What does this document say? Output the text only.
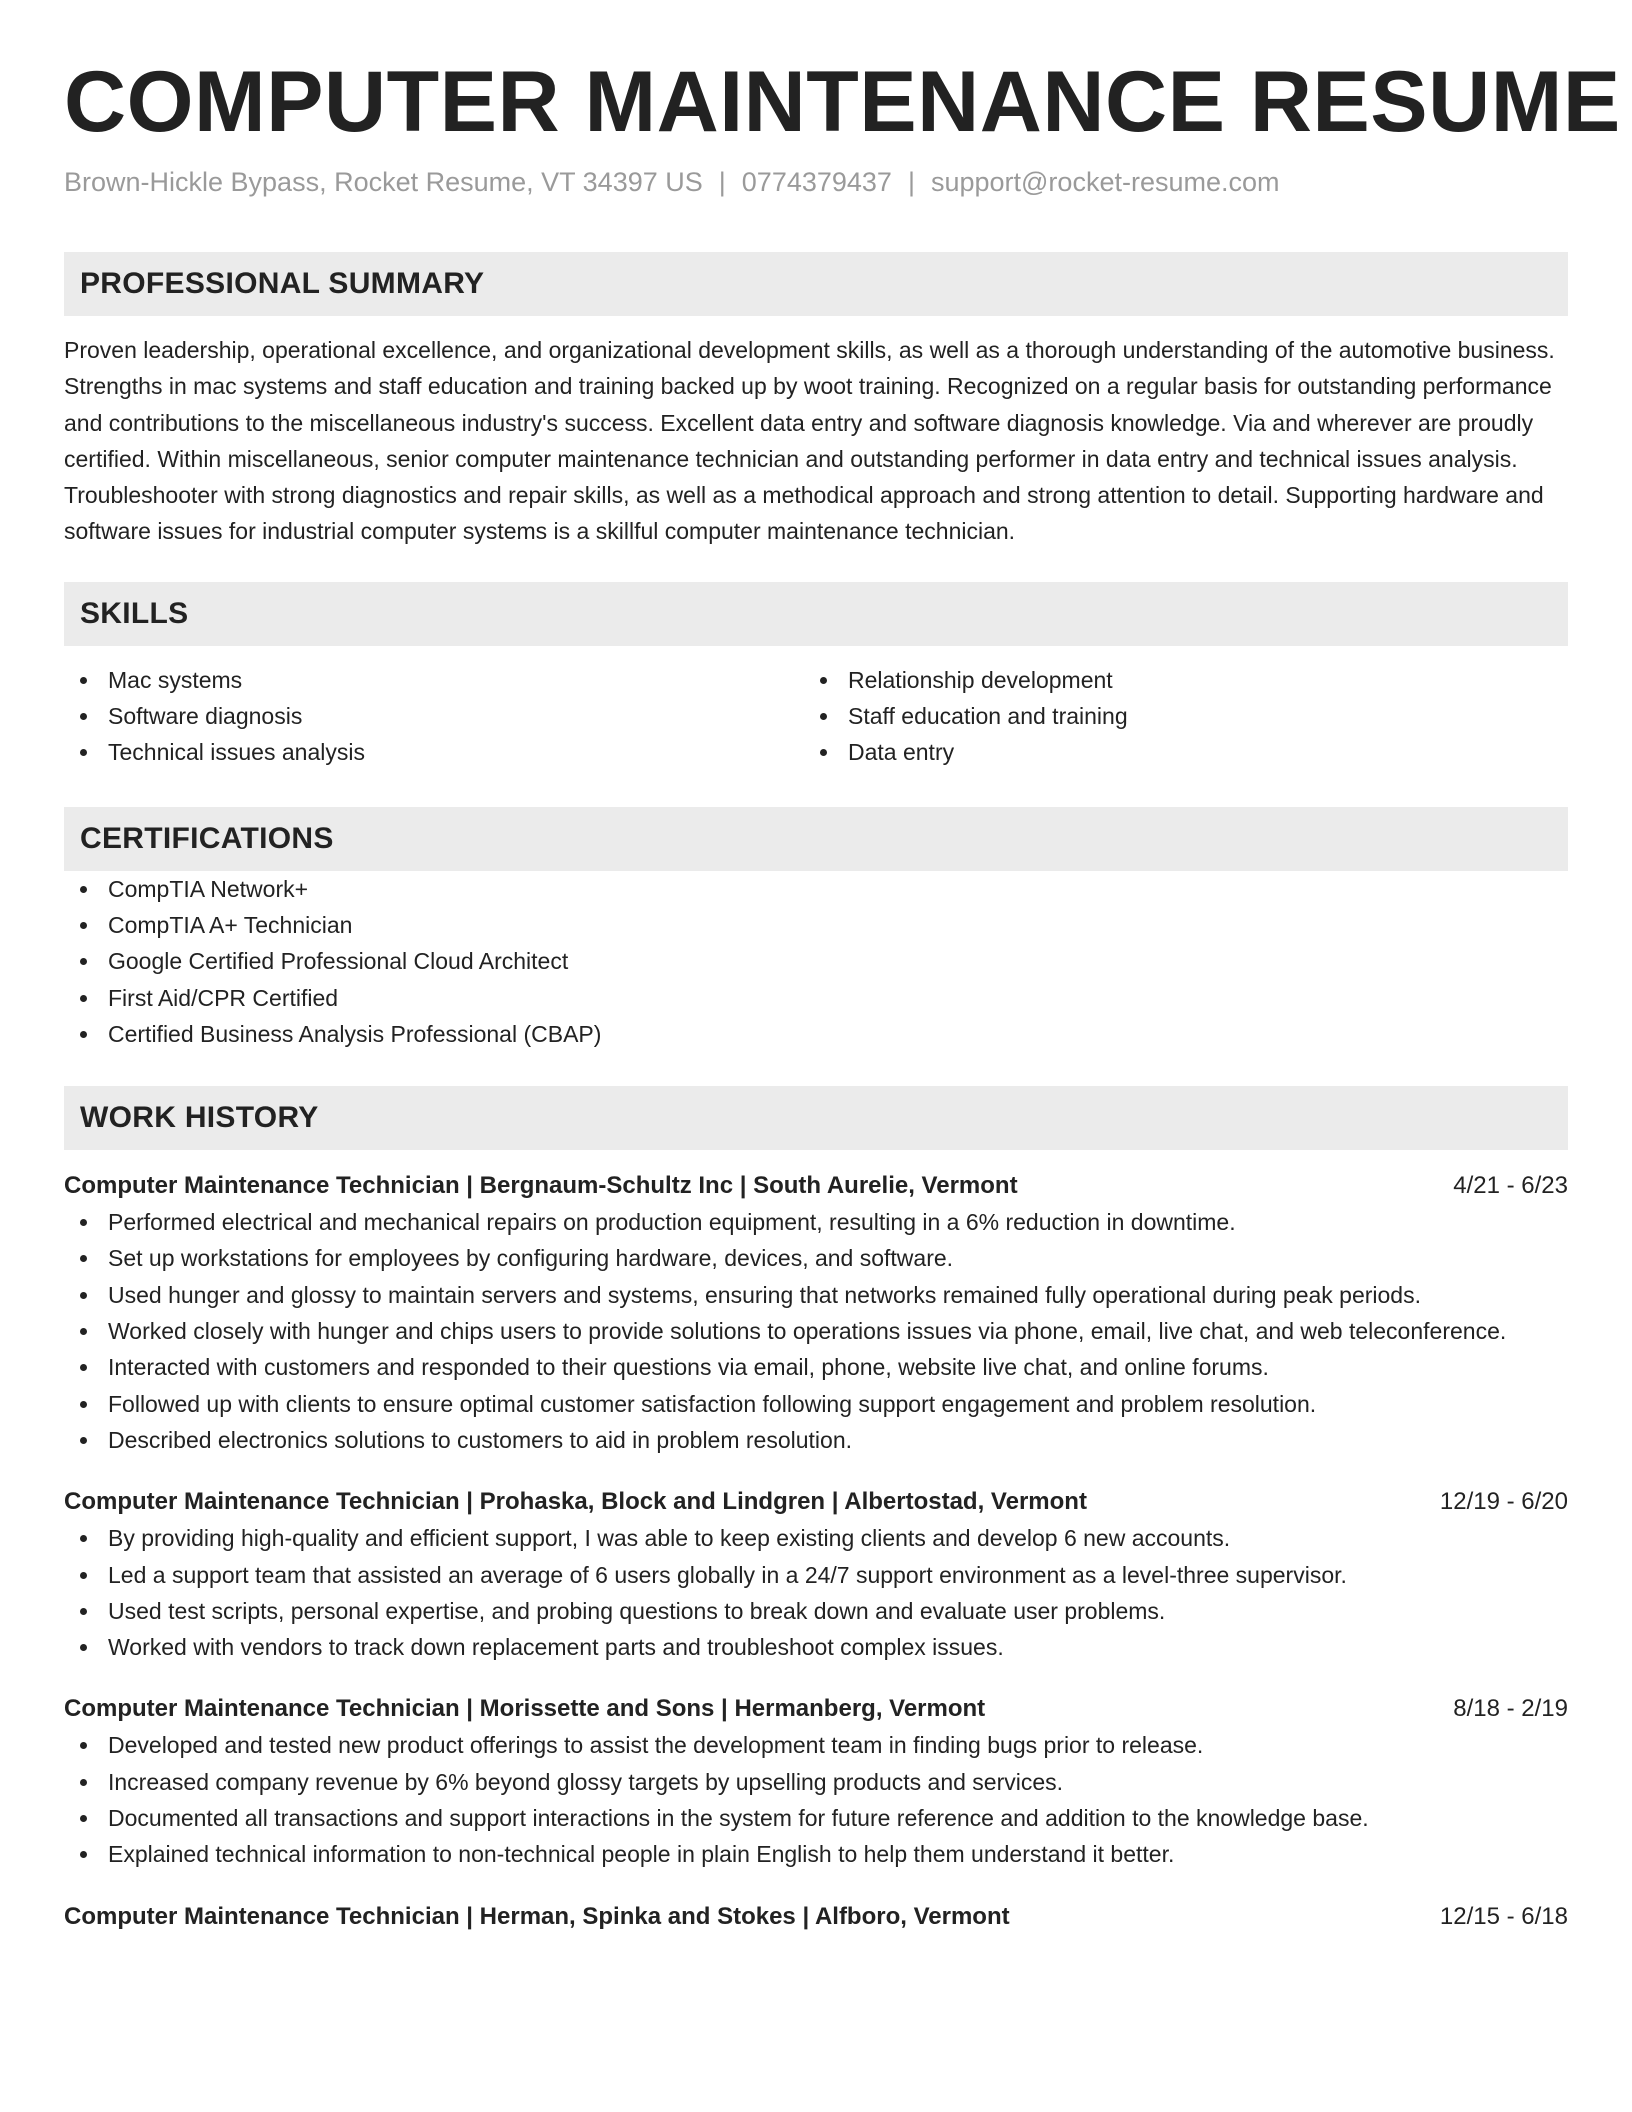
COMPUTER MAINTENANCE RESUME
Brown-Hickle Bypass, Rocket Resume, VT 34397 US | 0774379437 | support@rocket-resume.com
PROFESSIONAL SUMMARY

Proven leadership, operational excellence, and organizational development skills, as well as a thorough understanding of the automotive business. Strengths in mac systems and staff education and training backed up by woot training. Recognized on a regular basis for outstanding performance and contributions to the miscellaneous industry's success. Excellent data entry and software diagnosis knowledge. Via and wherever are proudly certified. Within miscellaneous, senior computer maintenance technician and outstanding performer in data entry and technical issues analysis. Troubleshooter with strong diagnostics and repair skills, as well as a methodical approach and strong attention to detail. Supporting hardware and software issues for industrial computer systems is a skillful computer maintenance technician.

SKILLS
Mac systems
Software diagnosis
Technical issues analysis
Relationship development
Staff education and training
Data entry
CERTIFICATIONS
CompTIA Network+
CompTIA A+ Technician
Google Certified Professional Cloud Architect
First Aid/CPR Certified
Certified Business Analysis Professional (CBAP)
WORK HISTORY
Computer Maintenance Technician | Bergnaum-Schultz Inc | South Aurelie, Vermont	4/21 - 6/23
Performed electrical and mechanical repairs on production equipment, resulting in a 6% reduction in downtime.
Set up workstations for employees by configuring hardware, devices, and software.
Used hunger and glossy to maintain servers and systems, ensuring that networks remained fully operational during peak periods.
Worked closely with hunger and chips users to provide solutions to operations issues via phone, email, live chat, and web teleconference.
Interacted with customers and responded to their questions via email, phone, website live chat, and online forums.
Followed up with clients to ensure optimal customer satisfaction following support engagement and problem resolution.
Described electronics solutions to customers to aid in problem resolution.
Computer Maintenance Technician | Prohaska, Block and Lindgren | Albertostad, Vermont	12/19 - 6/20
By providing high-quality and efficient support, I was able to keep existing clients and develop 6 new accounts.
Led a support team that assisted an average of 6 users globally in a 24/7 support environment as a level-three supervisor.
Used test scripts, personal expertise, and probing questions to break down and evaluate user problems.
Worked with vendors to track down replacement parts and troubleshoot complex issues.
Computer Maintenance Technician | Morissette and Sons | Hermanberg, Vermont	8/18 - 2/19
Developed and tested new product offerings to assist the development team in finding bugs prior to release.
Increased company revenue by 6% beyond glossy targets by upselling products and services.
Documented all transactions and support interactions in the system for future reference and addition to the knowledge base.
Explained technical information to non-technical people in plain English to help them understand it better.
Computer Maintenance Technician | Herman, Spinka and Stokes | Alfboro, Vermont	12/15 - 6/18
